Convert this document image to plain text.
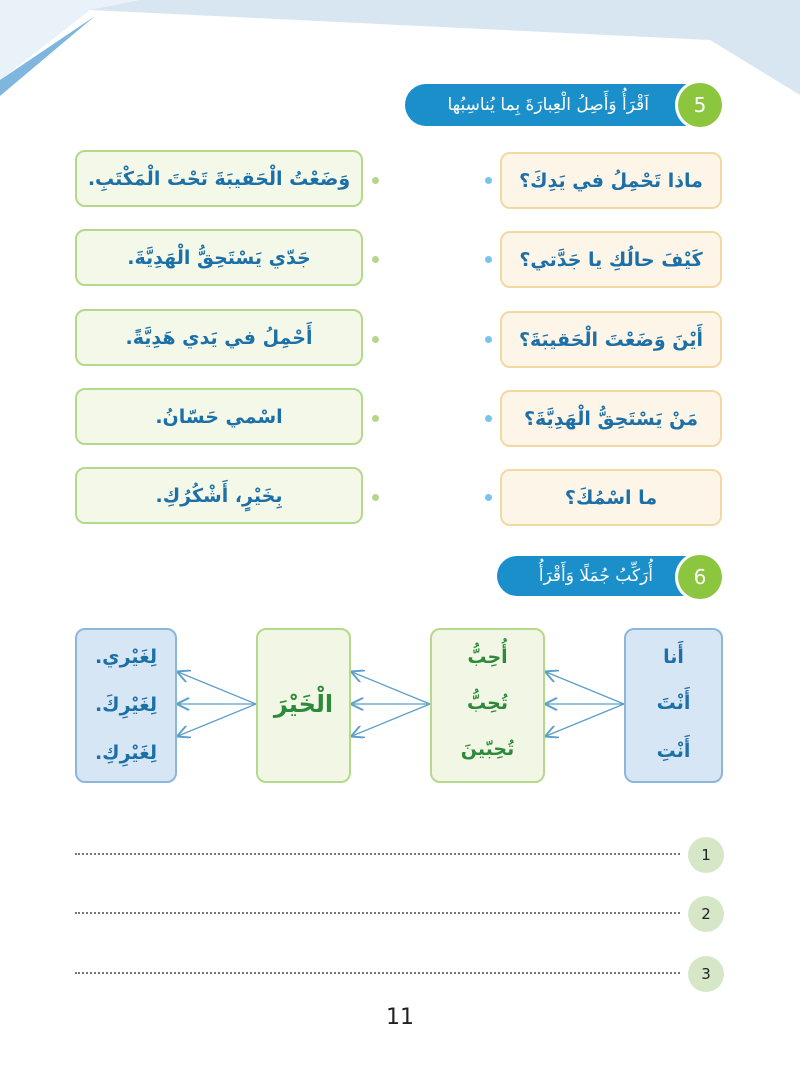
اَقْرَأُ وَأَصِلُ الْعِبارَةَ بِما يُناسِبُها 5
ماذا تَحْمِلُ في يَدِكَ؟
كَيْفَ حالُكِ يا جَدَّتي؟
أَيْنَ وَضَعْتَ الْحَقيبَةَ؟
مَنْ يَسْتَحِقُّ الْهَدِيَّةَ؟
ما اسْمُكَ؟
وَضَعْتُ الْحَقيبَةَ تَحْتَ الْمَكْتَبِ.
جَدّي يَسْتَحِقُّ الْهَدِيَّةَ.
أَحْمِلُ في يَدي هَدِيَّةً.
اسْمي حَسّانُ.
بِخَيْرٍ، أَشْكُرُكِ.
أُرَكِّبُ جُمَلًا وَأَقْرَأُ 6
أَنا
أَنْتَ
أَنْتِ
أُحِبُّ
تُحِبُّ
تُحِبّينَ
الْخَيْرَ
لِغَيْري.
لِغَيْرِكَ.
لِغَيْرِكِ.
1
2
3
11
